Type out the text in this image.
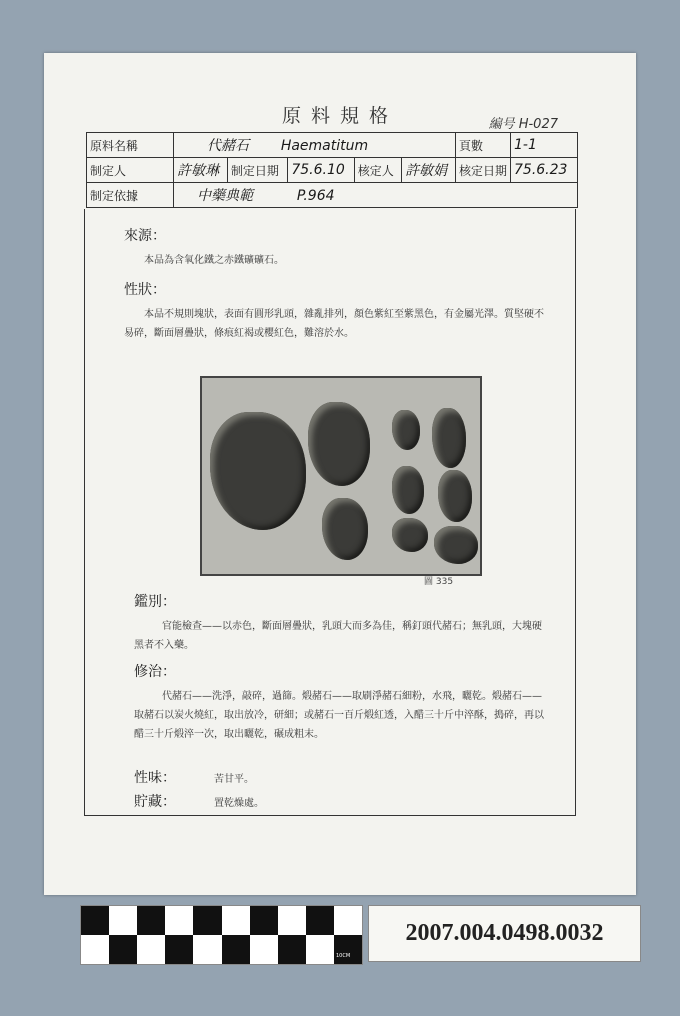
原料規格	編号 H-027
原料名稱	代赭石 Haematitum					頁數	1-1
制定人	許敏琳	制定日期	75.6.10	核定人	許敏娟	核定日期	75.6.23
制定依據	中藥典範 P.964						

來源：

本品為含氧化鐵之赤鐵礦礦石。

性狀：

本品不規則塊狀，表面有圓形乳頭，雜亂排列，顏色紫紅至紫黑色，有金屬光澤。質堅硬不易碎，斷面層疊狀，條痕紅褐或櫻紅色，難溶於水。

圖 335

鑑別：

官能檢查——以赤色，斷面層疊狀，乳頭大而多為佳，稱釘頭代赭石；無乳頭，大塊硬黑者不入藥。

修治：

代赭石——洗淨，敲碎，過篩。煅赭石——取刷淨赭石細粉，水飛，曬乾。煅赭石——取赭石以炭火燒紅，取出放冷，研細；或赭石一百斤煅紅透，入醋三十斤中淬酥，搗碎，再以醋三十斤煅淬一次，取出曬乾，碾成粗末。

性味：	苦甘平。
貯藏：	置乾燥處。
1CM	5CM	10CM
2007.004.0498.0032
